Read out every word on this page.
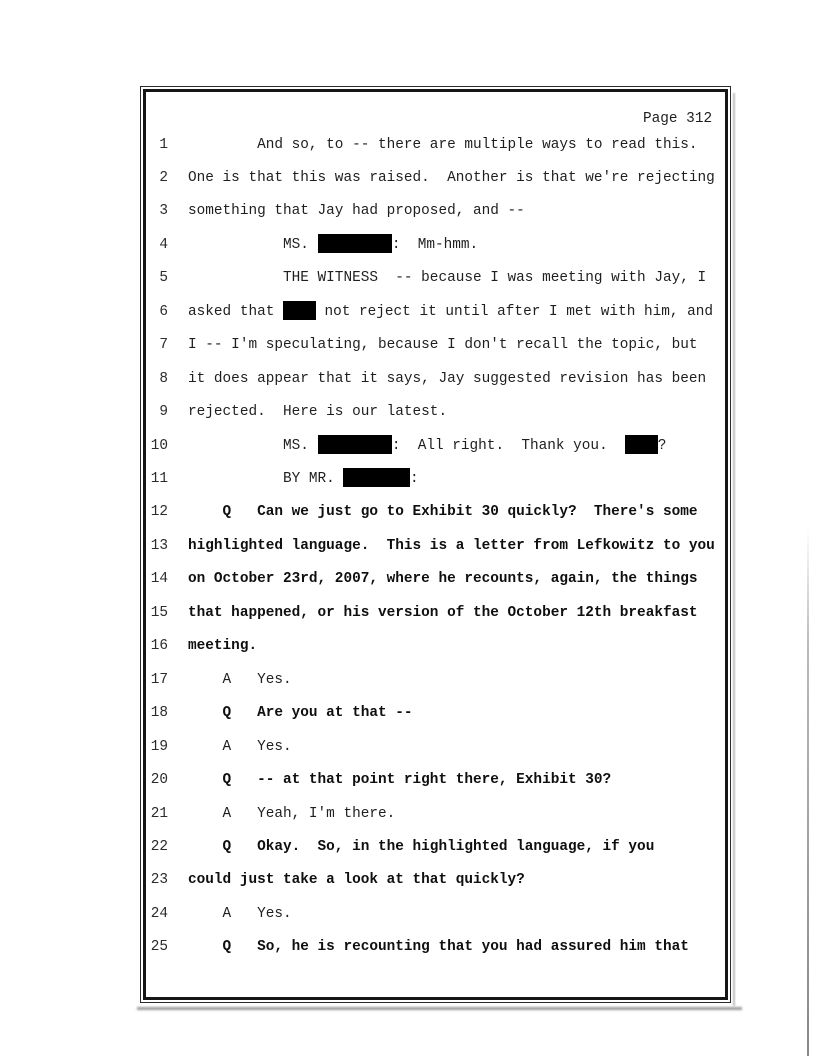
Page 312
1 And so, to -- there are multiple ways to read this.
2 One is that this was raised.  Another is that we're rejecting
3 something that Jay had proposed, and --
4 MS.	:  Mm-hmm.
5 THE WITNESS  -- because I was meeting with Jay, I
6 asked that  not reject it until after I met with him, and
7 I -- I'm speculating, because I don't recall the topic, but
8 it does appear that it says, Jay suggested revision has been
9 rejected.  Here is our latest.
10 MS.	:  All right.  Thank you.  ?
11 BY MR.	:
12 Q   Can we just go to Exhibit 30 quickly?  There's some
13 highlighted language.  This is a letter from Lefkowitz to you
14 on October 23rd, 2007, where he recounts, again, the things
15 that happened, or his version of the October 12th breakfast
16 meeting.
17 A   Yes.
18 Q   Are you at that --
19 A   Yes.
20 Q   -- at that point right there, Exhibit 30?
21 A   Yeah, I'm there.
22 Q   Okay.  So, in the highlighted language, if you
23 could just take a look at that quickly?
24 A   Yes.
25 Q   So, he is recounting that you had assured him that
